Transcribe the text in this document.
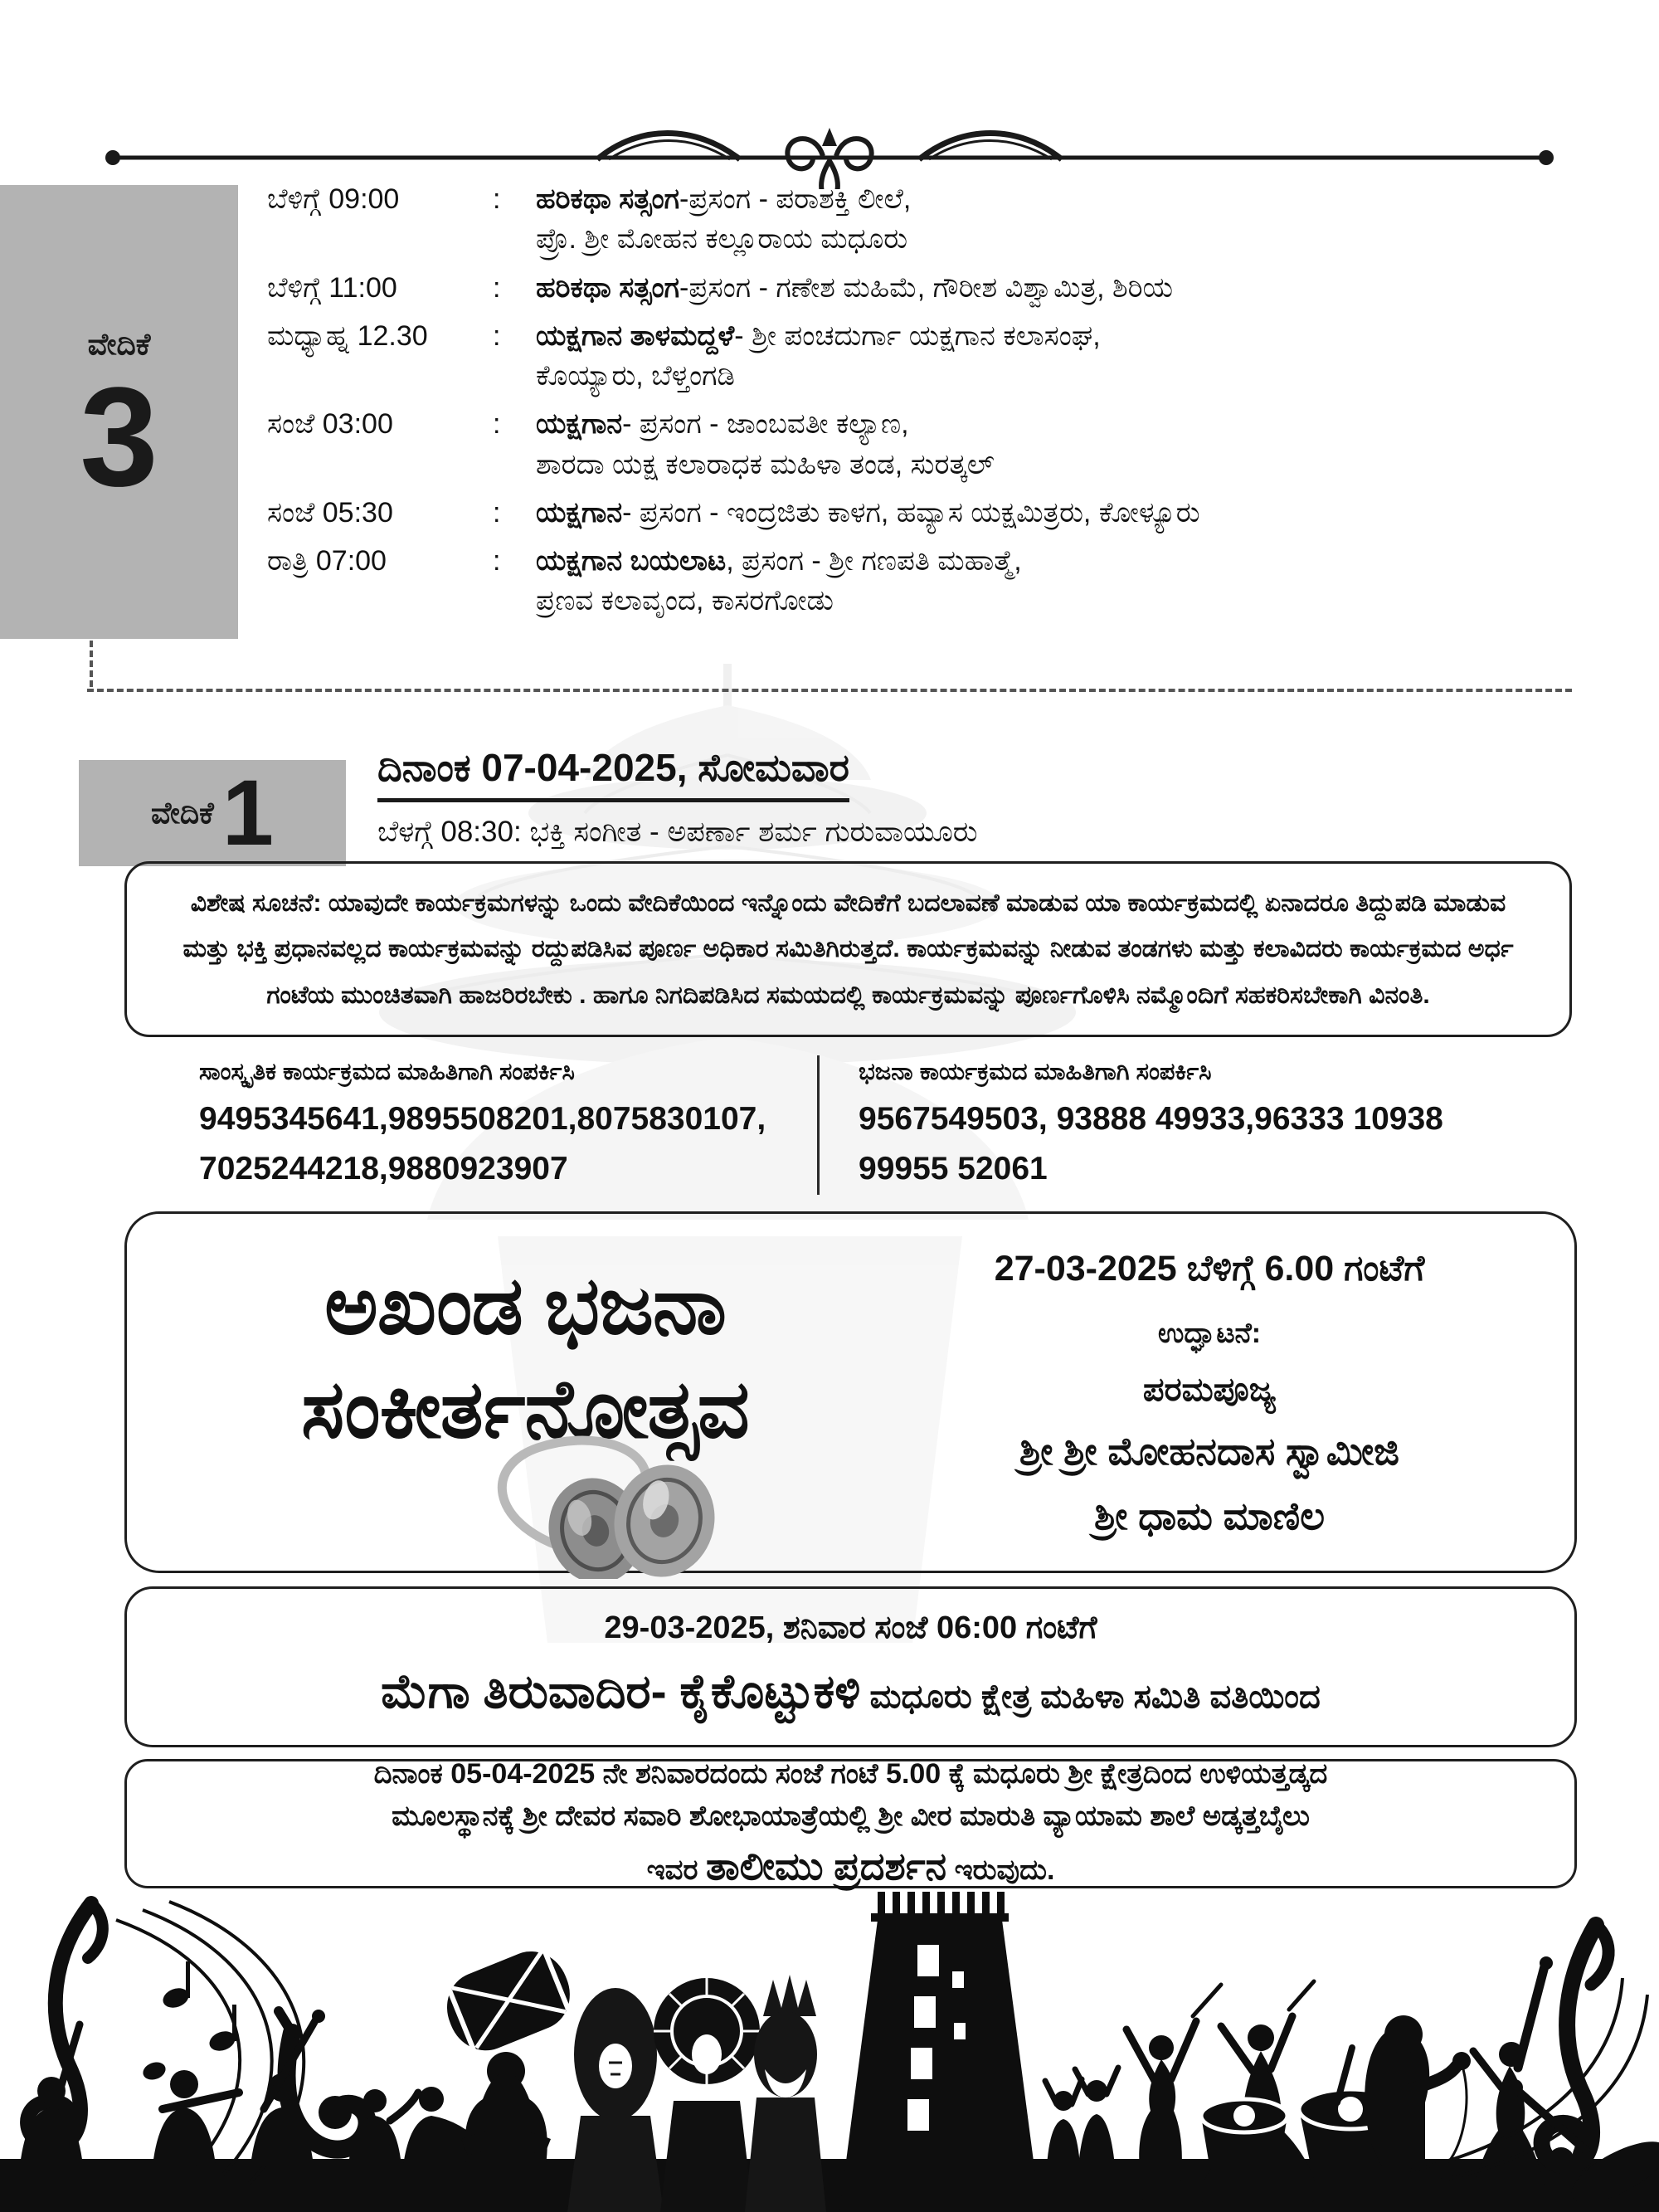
ವೇದಿಕೆ
3
ಬೆಳಿಗ್ಗೆ 09:00	:	ಹರಿಕಥಾ ಸತ್ಸಂಗ-ಪ್ರಸಂಗ - ಪರಾಶಕ್ತಿ ಲೀಲೆ,
ಪ್ರೊ. ಶ್ರೀ ಮೋಹನ ಕಲ್ಲೂರಾಯ ಮಧೂರು
ಬೆಳಿಗ್ಗೆ 11:00	:	ಹರಿಕಥಾ ಸತ್ಸಂಗ-ಪ್ರಸಂಗ - ಗಣೇಶ ಮಹಿಮೆ, ಗೌರೀಶ ವಿಶ್ವಾಮಿತ್ರ, ಶಿರಿಯ
ಮಧ್ಯಾಹ್ನ 12.30	:	ಯಕ್ಷಗಾನ ತಾಳಮದ್ದಳೆ- ಶ್ರೀ ಪಂಚದುರ್ಗಾ ಯಕ್ಷಗಾನ ಕಲಾಸಂಘ,
ಕೊಯ್ಯಾರು, ಬೆಳ್ತಂಗಡಿ
ಸಂಜೆ 03:00	:	ಯಕ್ಷಗಾನ- ಪ್ರಸಂಗ - ಜಾಂಬವತೀ ಕಲ್ಯಾಣ,
ಶಾರದಾ ಯಕ್ಷ ಕಲಾರಾಧಕ ಮಹಿಳಾ ತಂಡ, ಸುರತ್ಕಲ್
ಸಂಜೆ 05:30	:	ಯಕ್ಷಗಾನ- ಪ್ರಸಂಗ - ಇಂದ್ರಜಿತು ಕಾಳಗ, ಹವ್ಯಾಸ ಯಕ್ಷಮಿತ್ರರು, ಕೋಳ್ಯೂರು
ರಾತ್ರಿ 07:00	:	ಯಕ್ಷಗಾನ ಬಯಲಾಟ, ಪ್ರಸಂಗ - ಶ್ರೀ ಗಣಪತಿ ಮಹಾತ್ಮೆ,
ಪ್ರಣವ ಕಲಾವೃಂದ, ಕಾಸರಗೋಡು
ವೇದಿಕೆ 1	ದಿನಾಂಕ 07-04-2025, ಸೋಮವಾರ
ಬೆಳಗ್ಗೆ 08:30: ಭಕ್ತಿ ಸಂಗೀತ - ಅಪರ್ಣಾ ಶರ್ಮ ಗುರುವಾಯೂರು
ವಿಶೇಷ ಸೂಚನೆ: ಯಾವುದೇ ಕಾರ್ಯಕ್ರಮಗಳನ್ನು ಒಂದು ವೇದಿಕೆಯಿಂದ ಇನ್ನೊಂದು ವೇದಿಕೆಗೆ ಬದಲಾವಣೆ ಮಾಡುವ ಯಾ ಕಾರ್ಯಕ್ರಮದಲ್ಲಿ ಏನಾದರೂ ತಿದ್ದುಪಡಿ ಮಾಡುವ ಮತ್ತು ಭಕ್ತಿ ಪ್ರಧಾನವಲ್ಲದ ಕಾರ್ಯಕ್ರಮವನ್ನು ರದ್ದುಪಡಿಸಿವ ಪೂರ್ಣ ಅಧಿಕಾರ ಸಮಿತಿಗಿರುತ್ತದೆ. ಕಾರ್ಯಕ್ರಮವನ್ನು ನೀಡುವ ತಂಡಗಳು ಮತ್ತು ಕಲಾವಿದರು ಕಾರ್ಯಕ್ರಮದ ಅರ್ಧ ಗಂಟೆಯ ಮುಂಚಿತವಾಗಿ ಹಾಜರಿರಬೇಕು . ಹಾಗೂ ನಿಗದಿಪಡಿಸಿದ ಸಮಯದಲ್ಲಿ ಕಾರ್ಯಕ್ರಮವನ್ನು ಪೂರ್ಣಗೊಳಿಸಿ ನಮ್ಮೊಂದಿಗೆ ಸಹಕರಿಸಬೇಕಾಗಿ ವಿನಂತಿ.
ಸಾಂಸ್ಕೃತಿಕ ಕಾರ್ಯಕ್ರಮದ ಮಾಹಿತಿಗಾಗಿ ಸಂಪರ್ಕಿಸಿ
9495345641,9895508201,8075830107,
7025244218,9880923907
ಭಜನಾ ಕಾರ್ಯಕ್ರಮದ ಮಾಹಿತಿಗಾಗಿ ಸಂಪರ್ಕಿಸಿ
9567549503, 93888 49933,96333 10938
99955 52061
ಅಖಂಡ ಭಜನಾ
ಸಂಕೀರ್ತನೋತ್ಸವ
27-03-2025 ಬೆಳಿಗ್ಗೆ 6.00 ಗಂಟೆಗೆ
ಉದ್ಘಾಟನೆ:
ಪರಮಪೂಜ್ಯ
ಶ್ರೀ ಶ್ರೀ ಮೋಹನದಾಸ ಸ್ವಾಮೀಜಿ
ಶ್ರೀ ಧಾಮ ಮಾಣಿಲ
29-03-2025, ಶನಿವಾರ ಸಂಜೆ 06:00 ಗಂಟೆಗೆ
ಮೆಗಾ ತಿರುವಾದಿರ- ಕೈಕೊಟ್ಟುಕಳಿ ಮಧೂರು ಕ್ಷೇತ್ರ ಮಹಿಳಾ ಸಮಿತಿ ವತಿಯಿಂದ
ದಿನಾಂಕ 05-04-2025 ನೇ ಶನಿವಾರದಂದು ಸಂಜೆ ಗಂಟೆ 5.00 ಕ್ಕೆ ಮಧೂರು ಶ್ರೀ ಕ್ಷೇತ್ರದಿಂದ ಉಳಿಯತ್ತಡ್ಕದ
ಮೂಲಸ್ಥಾನಕ್ಕೆ ಶ್ರೀ ದೇವರ ಸವಾರಿ ಶೋಭಾಯಾತ್ರೆಯಲ್ಲಿ ಶ್ರೀ ವೀರ ಮಾರುತಿ ವ್ಯಾಯಾಮ ಶಾಲೆ ಅಡ್ಕತ್ತಬೈಲು
ಇವರ ತಾಲೀಮು ಪ್ರದರ್ಶನ ಇರುವುದು.
